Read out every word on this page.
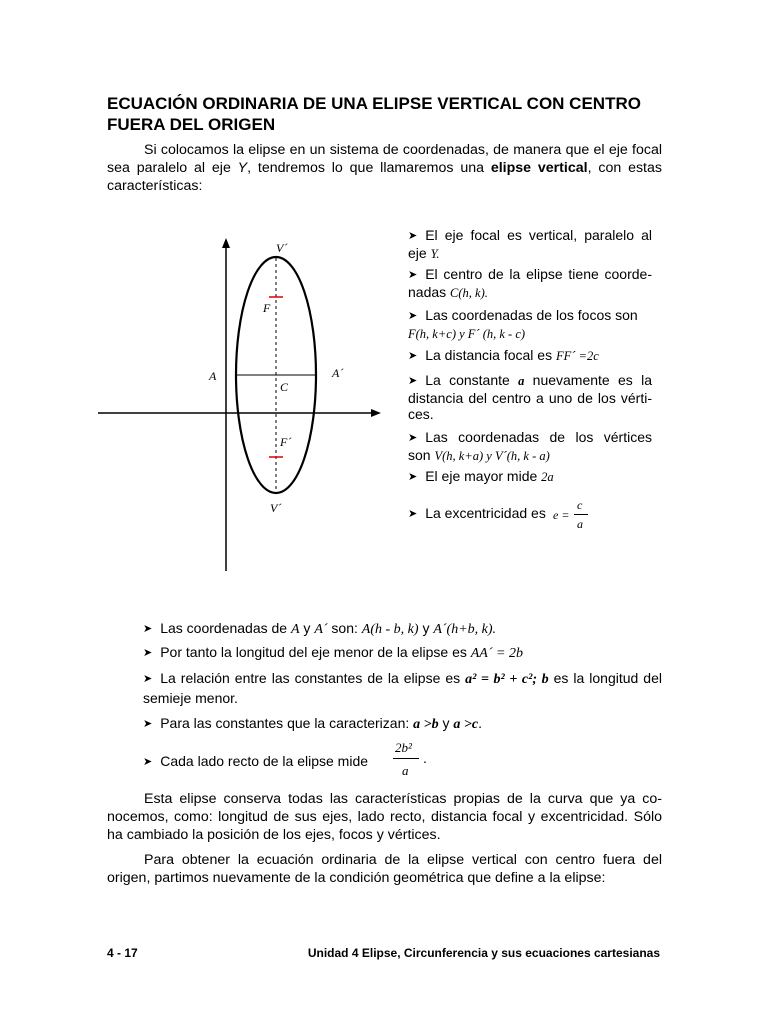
ECUACIÓN ORDINARIA DE UNA ELIPSE VERTICAL CON CENTRO FUERA DEL ORIGEN
Si colocamos la elipse en un sistema de coordenadas, de manera que el eje focal sea paralelo al eje Y, tendremos lo que llamaremos una elipse vertical, con estas características:
V´
F
A	A´
C
F´
V´
➤ El eje focal es vertical, paralelo al eje Y.
➤ El centro de la elipse tiene coorde-nadas C(h, k).
➤ Las coordenadas de los focos son
F(h, k+c) y F´ (h, k - c)
➤ La distancia focal es FF´ =2c
➤ La constante a nuevamente es la distancia del centro a uno de los vérti-ces.
➤ Las coordenadas de los vértices son V(h, k+a) y V´(h, k - a)
➤ El eje mayor mide 2a
➤ La excentricidad es e =
c
a
➤ Las coordenadas de A y A´ son: A(h - b, k) y A´(h+b, k).
➤ Por tanto la longitud del eje menor de la elipse es AA´ = 2b
➤ La relación entre las constantes de la elipse es a² = b² + c²; b es la longitud del semieje menor.
➤ Para las constantes que la caracterizan: a >b y a >c.
➤ Cada lado recto de la elipse mide
2b²
a
.
Esta elipse conserva todas las características propias de la curva que ya co-nocemos, como: longitud de sus ejes, lado recto, distancia focal y excentricidad. Sólo ha cambiado la posición de los ejes, focos y vértices.
Para obtener la ecuación ordinaria de la elipse vertical con centro fuera del origen, partimos nuevamente de la condición geométrica que define a la elipse:
4 - 17	Unidad 4 Elipse, Circunferencia y sus ecuaciones cartesianas
